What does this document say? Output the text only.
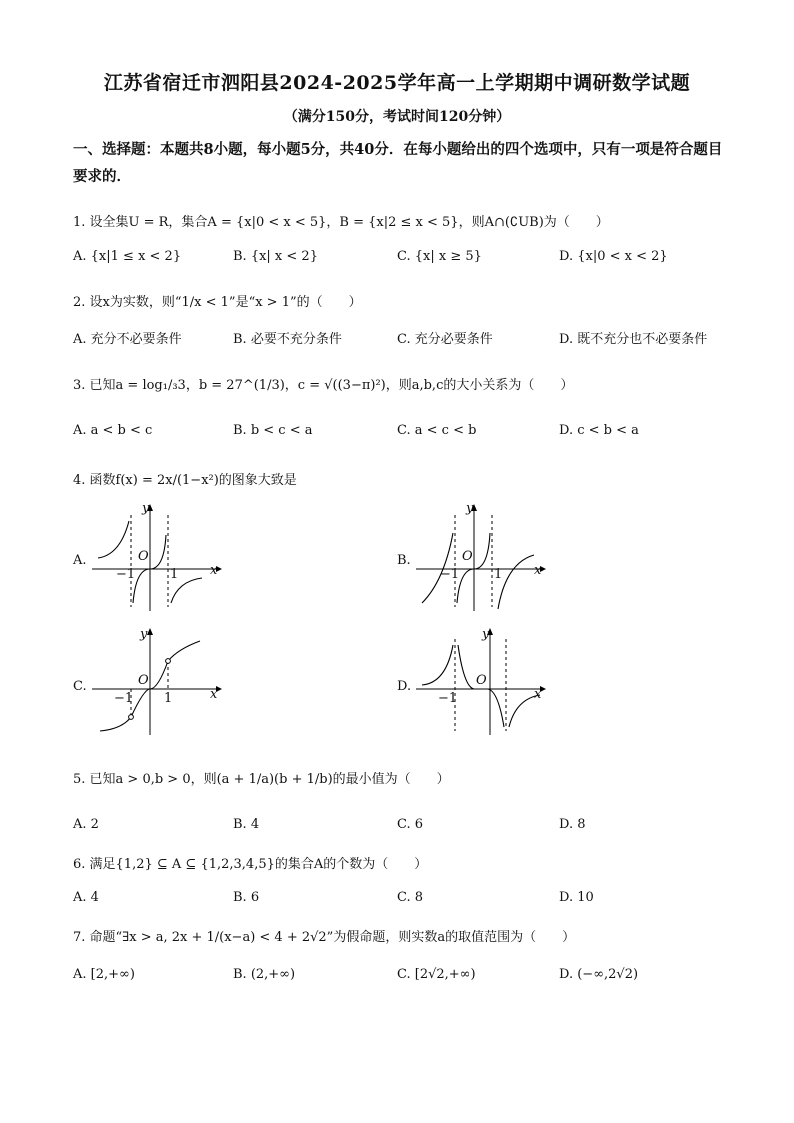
江苏省宿迁市泗阳县2024-2025学年高一上学期期中调研数学试题
（满分150分，考试时间120分钟）
一、选择题：本题共8小题，每小题5分，共40分．在每小题给出的四个选项中，只有一项是符合题目要求的．
1. 设全集U = R，集合A = {x|0 < x < 5}，B = {x|2 ≤ x < 5}，则A∩(∁UB)为（　　）
A. {x|1 ≤ x < 2}	B. {x| x < 2}	C. {x| x ≥ 5}	D. {x|0 < x < 2}
2. 设x为实数，则“1/x < 1”是“x > 1”的（　　）
A. 充分不必要条件	B. 必要不充分条件	C. 充分必要条件	D. 既不充分也不必要条件
3. 已知a = log₁/₃3，b = 27^(1/3)，c = √((3−π)²)，则a,b,c的大小关系为（　　）
A. a < b < c	B. b < c < a	C. a < c < b	D. c < b < a
4. 函数f(x) = 2x/(1−x²)的图象大致是
A.	B.
C.	D.
y
x
O
−1	1
y
x
O
−1	1
y
x
O
−1 1
y
x
O
−1
5. 已知a > 0,b > 0，则(a + 1/a)(b + 1/b)的最小值为（　　）
A. 2	B. 4	C. 6	D. 8
6. 满足{1,2} ⊆ A ⊆ {1,2,3,4,5}的集合A的个数为（　　）
A. 4	B. 6	C. 8	D. 10
7. 命题“∃x > a, 2x + 1/(x−a) < 4 + 2√2”为假命题，则实数a的取值范围为（　　）
A. [2,+∞)	B. (2,+∞)	C. [2√2,+∞)	D. (−∞,2√2)
